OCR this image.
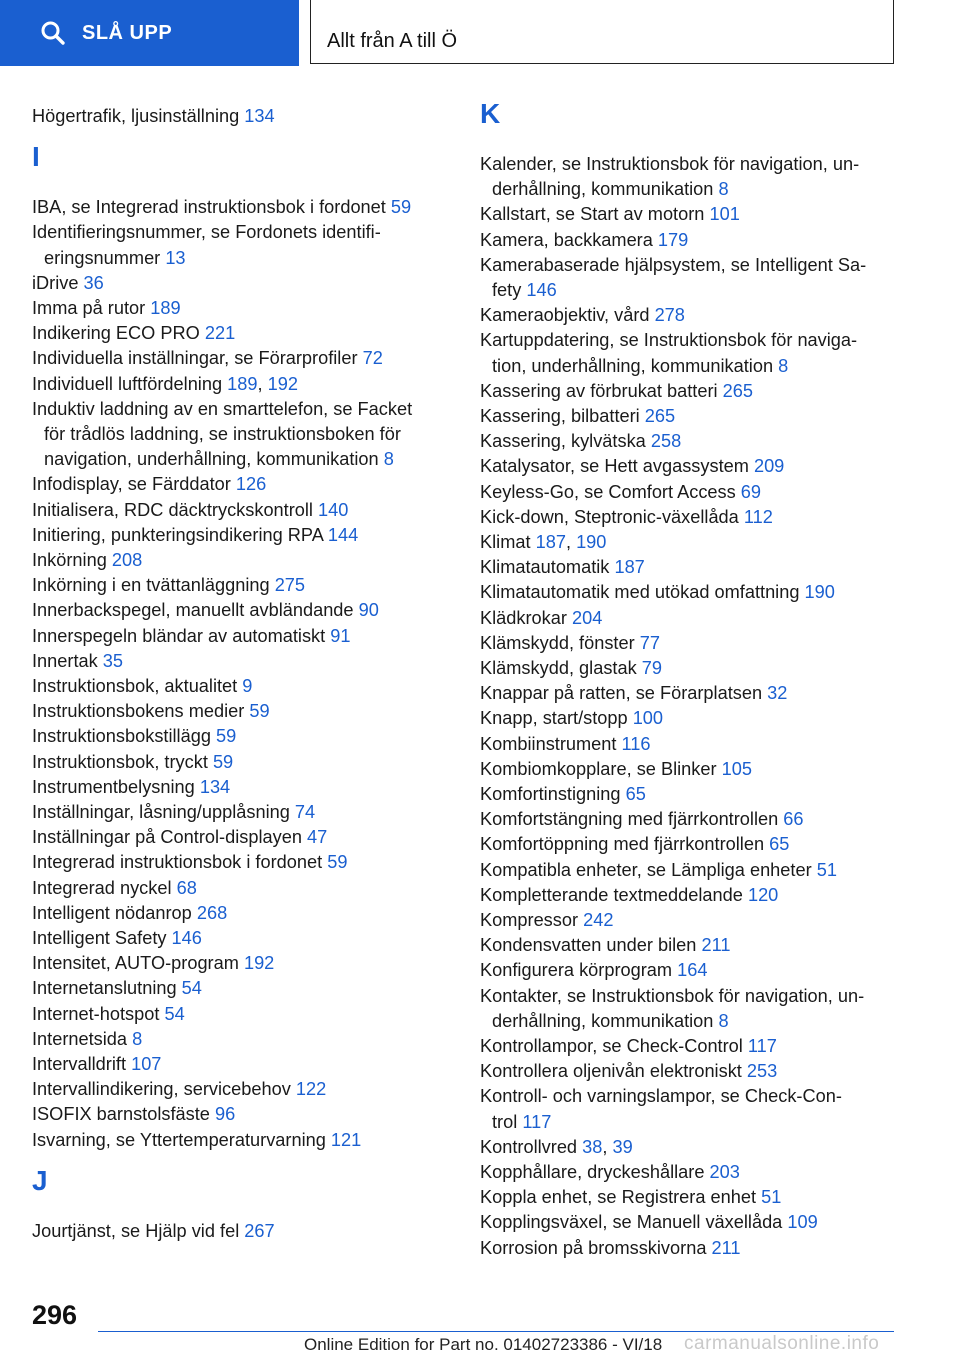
SLÅ UPP	Allt från A till Ö
Högertrafik, ljusinställning 134
I
IBA, se Integrerad instruktionsbok i fordonet 59
Identifieringsnummer, se Fordonets identifi-
eringsnummer 13
iDrive 36
Imma på rutor 189
Indikering ECO PRO 221
Individuella inställningar, se Förarprofiler 72
Individuell luftfördelning 189, 192
Induktiv laddning av en smarttelefon, se Facket
för trådlös laddning, se instruktionsboken för
navigation, underhållning, kommunikation 8
Infodisplay, se Färddator 126
Initialisera, RDC däcktryckskontroll 140
Initiering, punkteringsindikering RPA 144
Inkörning 208
Inkörning i en tvättanläggning 275
Innerbackspegel, manuellt avbländande 90
Innerspegeln bländar av automatiskt 91
Innertak 35
Instruktionsbok, aktualitet 9
Instruktionsbokens medier 59
Instruktionsbokstillägg 59
Instruktionsbok, tryckt 59
Instrumentbelysning 134
Inställningar, låsning/upplåsning 74
Inställningar på Control-displayen 47
Integrerad instruktionsbok i fordonet 59
Integrerad nyckel 68
Intelligent nödanrop 268
Intelligent Safety 146
Intensitet, AUTO-program 192
Internetanslutning 54
Internet-hotspot 54
Internetsida 8
Intervalldrift 107
Intervallindikering, servicebehov 122
ISOFIX barnstolsfäste 96
Isvarning, se Yttertemperaturvarning 121
J
Jourtjänst, se Hjälp vid fel 267
K
Kalender, se Instruktionsbok för navigation, un-
derhållning, kommunikation 8
Kallstart, se Start av motorn 101
Kamera, backkamera 179
Kamerabaserade hjälpsystem, se Intelligent Sa-
fety 146
Kameraobjektiv, vård 278
Kartuppdatering, se Instruktionsbok för naviga-
tion, underhållning, kommunikation 8
Kassering av förbrukat batteri 265
Kassering, bilbatteri 265
Kassering, kylvätska 258
Katalysator, se Hett avgassystem 209
Keyless-Go, se Comfort Access 69
Kick-down, Steptronic-växellåda 112
Klimat 187, 190
Klimatautomatik 187
Klimatautomatik med utökad omfattning 190
Klädkrokar 204
Klämskydd, fönster 77
Klämskydd, glastak 79
Knappar på ratten, se Förarplatsen 32
Knapp, start/stopp 100
Kombiinstrument 116
Kombiomkopplare, se Blinker 105
Komfortinstigning 65
Komfortstängning med fjärrkontrollen 66
Komfortöppning med fjärrkontrollen 65
Kompatibla enheter, se Lämpliga enheter 51
Kompletterande textmeddelande 120
Kompressor 242
Kondensvatten under bilen 211
Konfigurera körprogram 164
Kontakter, se Instruktionsbok för navigation, un-
derhållning, kommunikation 8
Kontrollampor, se Check-Control 117
Kontrollera oljenivån elektroniskt 253
Kontroll- och varningslampor, se Check-Con-
trol 117
Kontrollvred 38, 39
Kopphållare, dryckeshållare 203
Koppla enhet, se Registrera enhet 51
Kopplingsväxel, se Manuell växellåda 109
Korrosion på bromsskivorna 211
296
Online Edition for Part no. 01402723386 - VI/18 carmanualsonline.info
